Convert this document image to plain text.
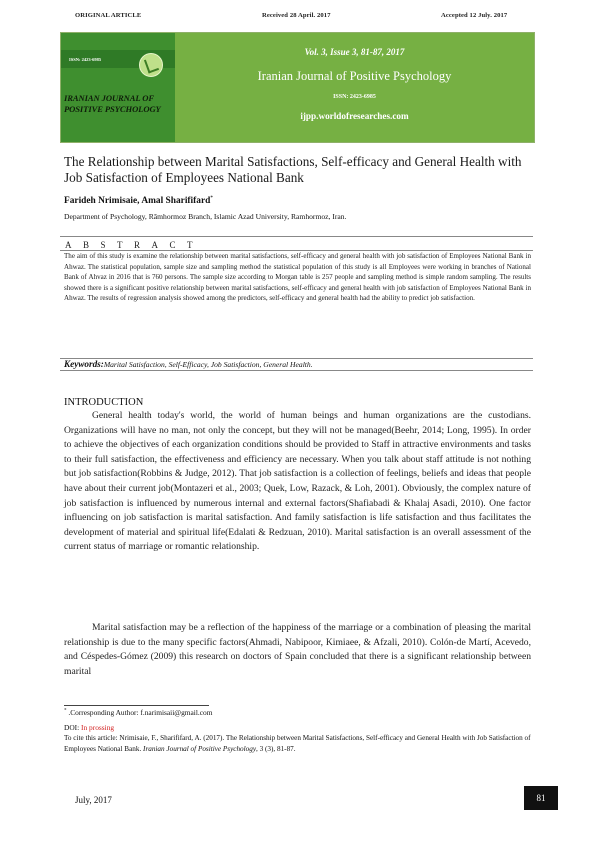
ORIGINAL ARTICLE	Received 28 April. 2017	Accepted 12 July. 2017
ISSN: 2423-6985
IRANIAN JOURNAL OF POSITIVE PSYCHOLOGY
Vol. 3, Issue 3, 81-87, 2017
Iranian Journal of Positive Psychology
ISSN: 2423-6985
ijpp.worldofresearches.com
The Relationship between Marital Satisfactions, Self-efficacy and General Health with Job Satisfaction of Employees National Bank
Farideh Nrimisaie, Amal Sharififard*
Department of Psychology, Rāmhormoz Branch, Islamic Azad University, Ramhormoz, Iran.
ABSTRACT
The aim of this study is examine the relationship between marital satisfactions, self-efficacy and general health with job satisfaction of Employees National Bank in Ahwaz. The statistical population, sample size and sampling method the statistical population of this study is all Employees were working in branches of National Bank of Ahvaz in 2016 that is 760 persons. The sample size according to Morgan table is 257 people and sampling method is simple random sampling. The results showed there is a significant positive relationship between marital satisfactions, self-efficacy and general health with job satisfaction of Employees National Bank in Ahwaz. The results of regression analysis showed among the predictors, self-efficacy and general health had the ability to predict job satisfaction.
Keywords:Marital Satisfaction, Self-Efficacy, Job Satisfaction, General Health.
INTRODUCTION
General health today's world, the world of human beings and human organizations are the custodians. Organizations will have no man, not only the concept, but they will not be managed(Beehr, 2014; Long, 1995). In order to achieve the objectives of each organization conditions should be provided to Staff in attractive environments and tasks to their full satisfaction, the effectiveness and efficiency are necessary. When you talk about staff attitude is not nothing but job satisfaction(Robbins & Judge, 2012). That job satisfaction is a collection of feelings, beliefs and ideas that people have about their current job(Montazeri et al., 2003; Quek, Low, Razack, & Loh, 2001). Obviously, the complex nature of job satisfaction is influenced by numerous internal and external factors(Shafiabadi & Khalaj Asadi, 2010). One factor influencing on job satisfaction is marital satisfaction. And family satisfaction is life satisfaction and thus facilitates the development of material and spiritual life(Edalati & Redzuan, 2010). Marital satisfaction is an overall assessment of the current status of marriage or romantic relationship.
Marital satisfaction may be a reflection of the happiness of the marriage or a combination of pleasing the marital relationship is due to the many specific factors(Ahmadi, Nabipoor, Kimiaee, & Afzali, 2010). Colón-de Martí, Acevedo, and Céspedes-Gómez (2009) this research on doctors of Spain concluded that there is a significant relationship between marital
* .Corresponding Author: f.narimisaii@gmail.com
DOI: In prossing
To cite this article: Nrimisaie, F., Sharififard, A. (2017). The Relationship between Marital Satisfactions, Self-efficacy and General Health with Job Satisfaction of Employees National Bank. Iranian Journal of Positive Psychology, 3 (3), 81-87.
July, 2017	81
